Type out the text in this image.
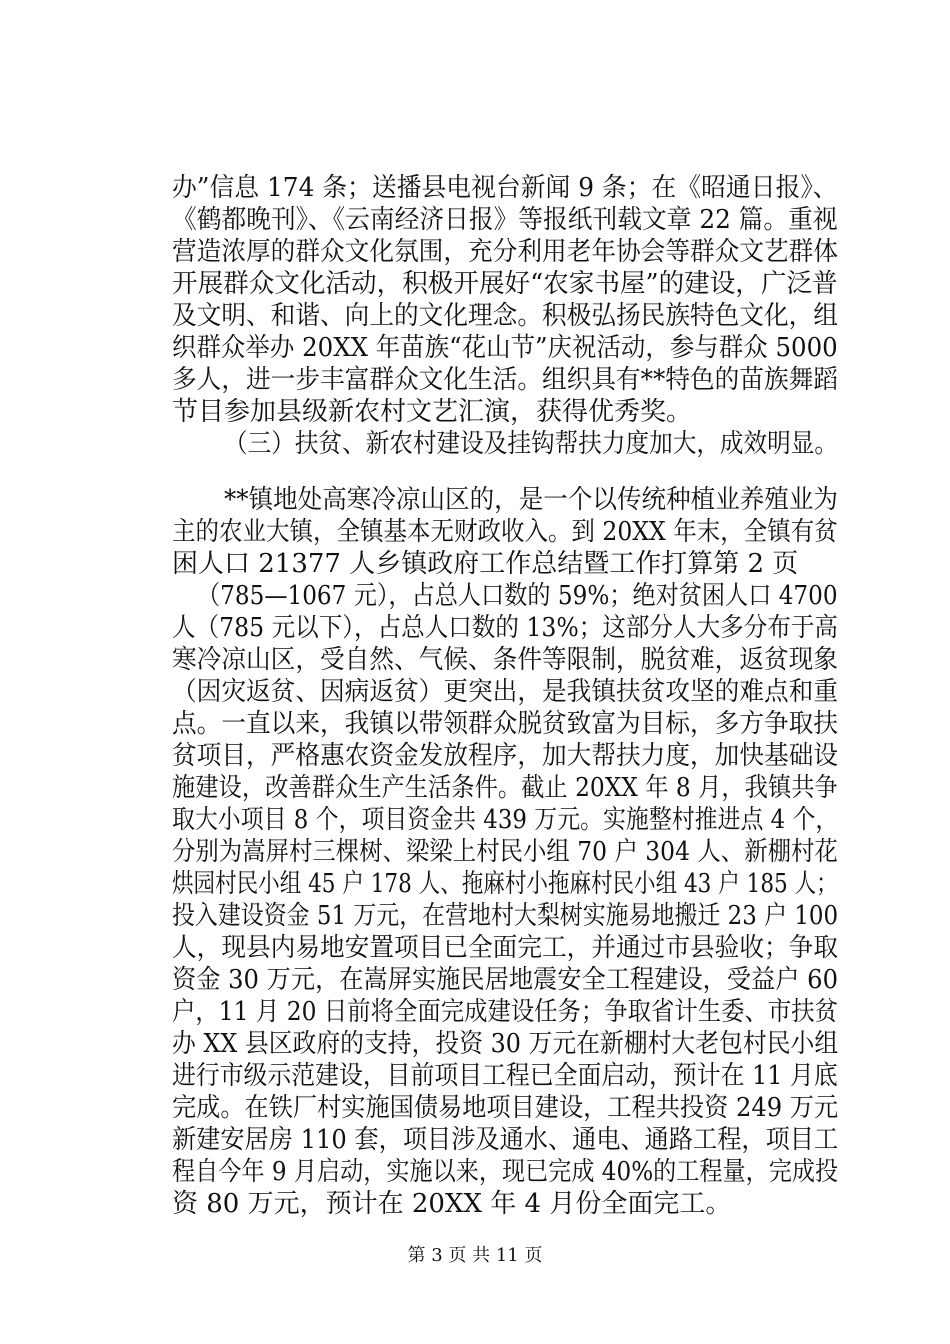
办”信息 174 条；送播县电视台新闻 9 条；在《昭通日报》、
《鹤都晚刊》、《云南经济日报》等报纸刊载文章 22 篇。重视
营造浓厚的群众文化氛围，充分利用老年协会等群众文艺群体
开展群众文化活动，积极开展好“农家书屋”的建设，广泛普
及文明、和谐、向上的文化理念。积极弘扬民族特色文化，组
织群众举办 20XX 年苗族“花山节”庆祝活动，参与群众 5000
多人，进一步丰富群众文化生活。组织具有**特色的苗族舞蹈
节目参加县级新农村文艺汇演，获得优秀奖。
（三）扶贫、新农村建设及挂钩帮扶力度加大，成效明显。
**镇地处高寒冷凉山区的，是一个以传统种植业养殖业为
主的农业大镇，全镇基本无财政收入。到 20XX 年末，全镇有贫
困人口 21377 人乡镇政府工作总结暨工作打算第 2 页
（785—1067 元），占总人口数的 59%；绝对贫困人口 4700
人（785 元以下），占总人口数的 13%；这部分人大多分布于高
寒冷凉山区，受自然、气候、条件等限制，脱贫难，返贫现象
（因灾返贫、因病返贫）更突出，是我镇扶贫攻坚的难点和重
点。一直以来，我镇以带领群众脱贫致富为目标，多方争取扶
贫项目，严格惠农资金发放程序，加大帮扶力度，加快基础设
施建设，改善群众生产生活条件。截止 20XX 年 8 月，我镇共争
取大小项目 8 个，项目资金共 439 万元。实施整村推进点 4 个，
分别为嵩屏村三棵树、梁梁上村民小组 70 户 304 人、新棚村花
烘园村民小组 45 户 178 人、拖麻村小拖麻村民小组 43 户 185 人；
投入建设资金 51 万元，在营地村大梨树实施易地搬迁 23 户 100
人，现县内易地安置项目已全面完工，并通过市县验收；争取
资金 30 万元，在嵩屏实施民居地震安全工程建设，受益户 60
户，11 月 20 日前将全面完成建设任务；争取省计生委、市扶贫
办 XX 县区政府的支持，投资 30 万元在新棚村大老包村民小组
进行市级示范建设，目前项目工程已全面启动，预计在 11 月底
完成。在铁厂村实施国债易地项目建设，工程共投资 249 万元
新建安居房 110 套，项目涉及通水、通电、通路工程，项目工
程自今年 9 月启动，实施以来，现已完成 40%的工程量，完成投
资 80 万元，预计在 20XX 年 4 月份全面完工。
第 3 页 共 11 页
